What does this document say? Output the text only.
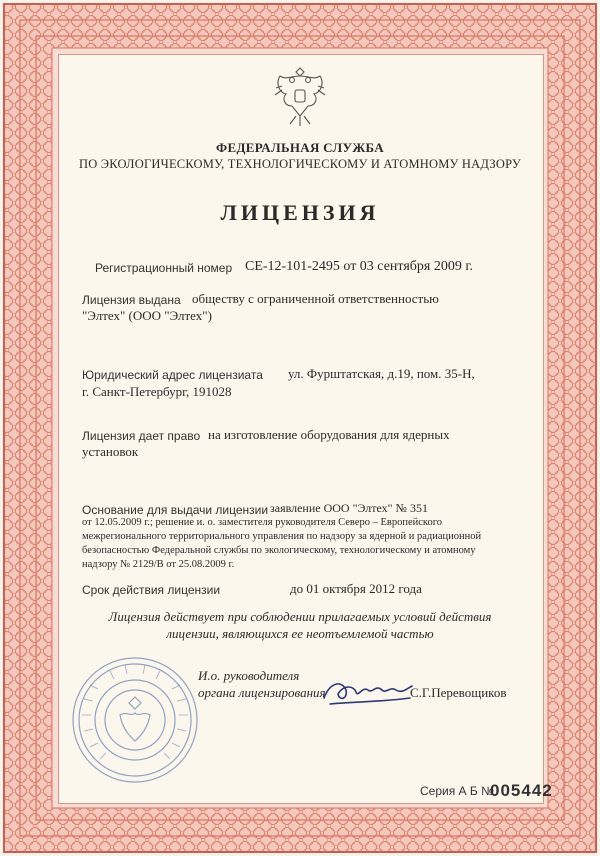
ФЕДЕРАЛЬНАЯ СЛУЖБА
ПО ЭКОЛОГИЧЕСКОМУ, ТЕХНОЛОГИЧЕСКОМУ И АТОМНОМУ НАДЗОРУ
ЛИЦЕНЗИЯ
Регистрационный номер СЕ-12-101-2495 от 03 сентября 2009 г.
Лицензия выдана обществу с ограниченной ответственностью
"Элтех" (ООО "Элтех")
Юридический адрес лицензиата ул. Фурштатская, д.19, пом. 35-Н,
г. Санкт-Петербург, 191028
Лицензия дает право на изготовление оборудования для ядерных
установок
Основание для выдачи лицензии заявление ООО "Элтех" № 351
от 12.05.2009 г.; решение и. о. заместителя руководителя Северо – Европейского
межрегионального территориального управления по надзору за ядерной и радиационной
безопасностью Федеральной службы по экологическому, технологическому и атомному
надзору № 2129/В от 25.08.2009 г.
Срок действия лицензии	до 01 октября 2012 года
Лицензия действует при соблюдении прилагаемых условий действия
лицензии, являющихся ее неотъемлемой частью
И.о. руководителя
органа лицензирования	С.Г.Перевощиков
Серия А Б №
005442
